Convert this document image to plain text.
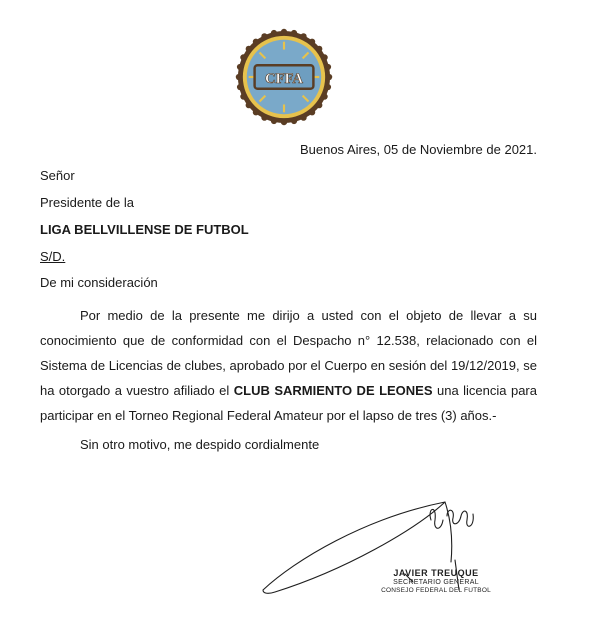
CFFA
Buenos Aires, 05 de Noviembre de 2021.
Señor
Presidente de la
LIGA BELLVILLENSE DE FUTBOL
S/D.
De mi consideración

Por medio de la presente me dirijo a usted con el objeto de llevar a su conocimiento que de conformidad con el Despacho n° 12.538, relacionado con el Sistema de Licencias de clubes, aprobado por el Cuerpo en sesión del 19/12/2019, se ha otorgado a vuestro afiliado el CLUB SARMIENTO DE LEONES una licencia para participar en el Torneo Regional Federal Amateur por el lapso de tres (3) años.-

Sin otro motivo, me despido cordialmente
JAVIER TREUQUE
SECRETARIO GENERAL
CONSEJO FEDERAL DEL FUTBOL
